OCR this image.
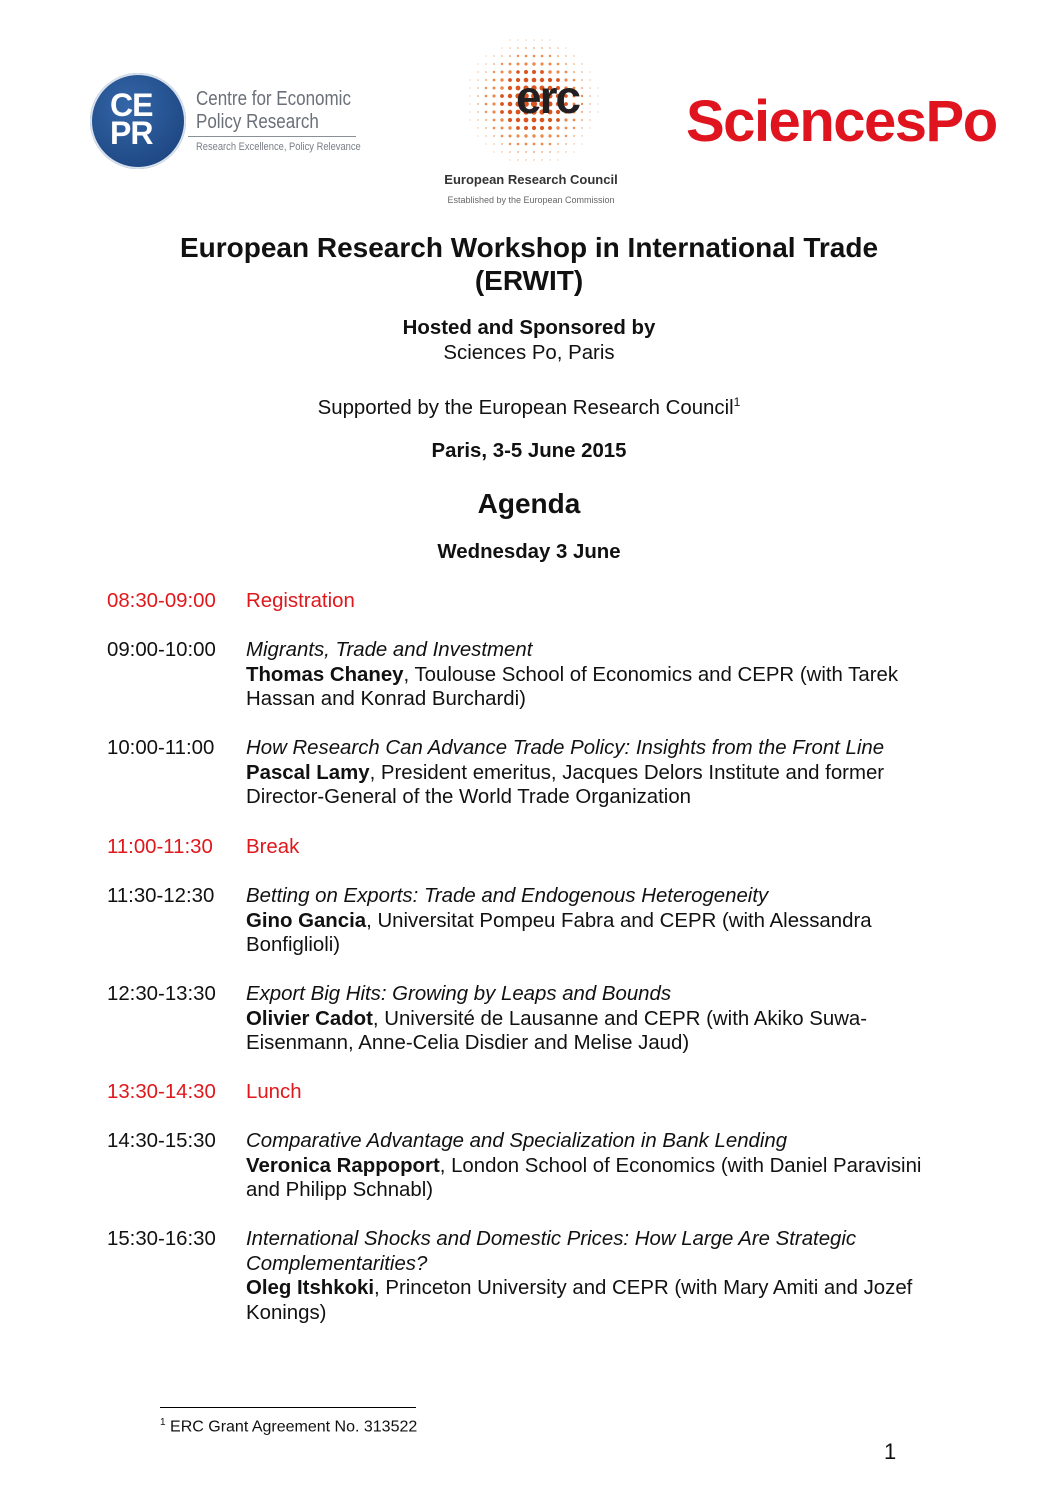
CE
PR
Centre for Economic
Policy Research
Research Excellence, Policy Relevance
erc
European Research Council
Established by the European Commission
SciencesPo
European Research Workshop in International Trade
(ERWIT)
Hosted and Sponsored by
Sciences Po, Paris
Supported by the European Research Council$^1$
Paris, 3-5 June 2015
Agenda
Wednesday 3 June
08:30-09:00 Registration
09:00-10:00 Migrants, Trade and Investment
Thomas Chaney, Toulouse School of Economics and CEPR (with Tarek Hassan and Konrad Burchardi)
10:00-11:00 How Research Can Advance Trade Policy: Insights from the Front Line
Pascal Lamy, President emeritus, Jacques Delors Institute and former Director-General of the World Trade Organization
11:00-11:30 Break
11:30-12:30 Betting on Exports: Trade and Endogenous Heterogeneity
Gino Gancia, Universitat Pompeu Fabra and CEPR (with Alessandra Bonfiglioli)
12:30-13:30 Export Big Hits: Growing by Leaps and Bounds
Olivier Cadot, Université de Lausanne and CEPR (with Akiko Suwa-Eisenmann, Anne-Celia Disdier and Melise Jaud)
13:30-14:30 Lunch
14:30-15:30 Comparative Advantage and Specialization in Bank Lending
Veronica Rappoport, London School of Economics (with Daniel Paravisini and Philipp Schnabl)
15:30-16:30 International Shocks and Domestic Prices: How Large Are Strategic Complementarities?
Oleg Itshkoki, Princeton University and CEPR (with Mary Amiti and Jozef Konings)
$^1$ ERC Grant Agreement No. 313522
1
